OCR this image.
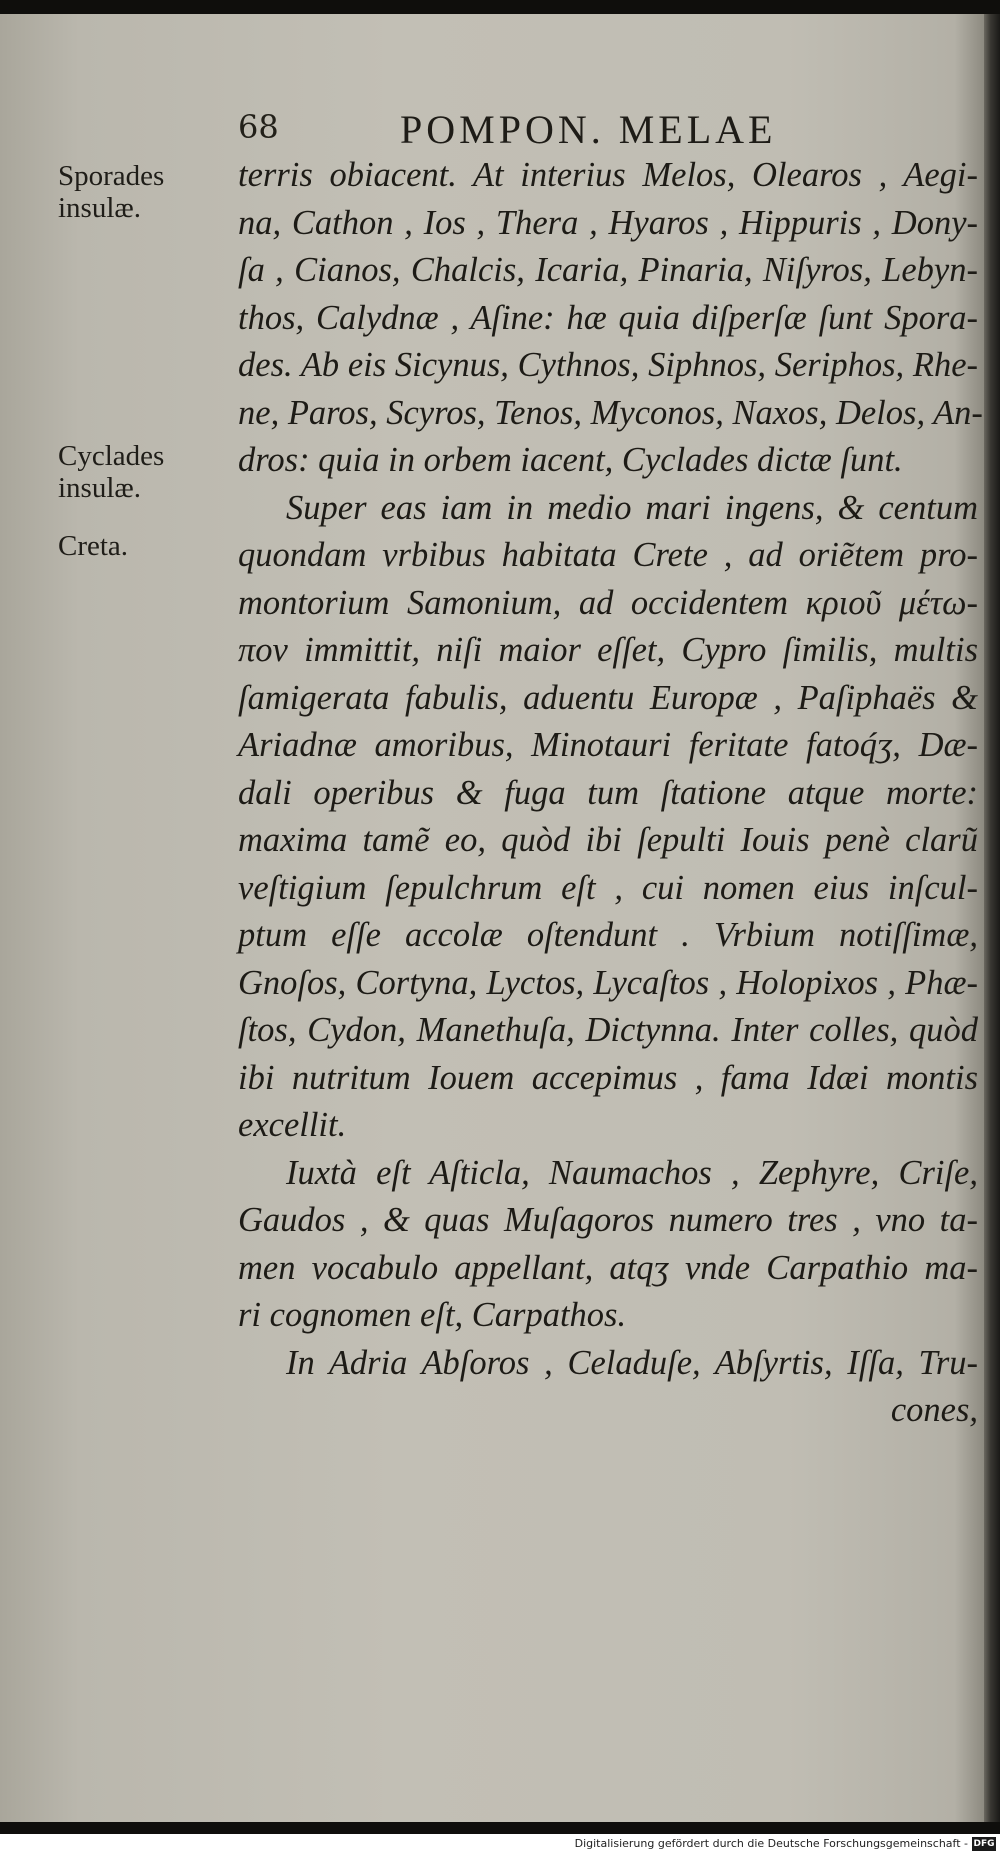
68	POMPON. MELAE
Sporades
insulæ.
Cyclades
insulæ.
Creta.
terris obiacent. At interius Melos, Olearos , Aegi-
na, Cathon , Ios , Thera , Hyaros , Hippuris , Dony-
ſa , Cianos, Chalcis, Icaria, Pinaria, Niſyros, Lebyn-
thos, Calydnæ , Aſine: hæ quia diſperſæ ſunt Spora-
des. Ab eis Sicynus, Cythnos, Siphnos, Seriphos, Rhe-
ne, Paros, Scyros, Tenos, Myconos, Naxos, Delos, An-
dros: quia in orbem iacent, Cyclades dictæ ſunt.
Super eas iam in medio mari ingens, & centum
quondam vrbibus habitata Crete , ad oriẽtem pro-
montorium Samonium, ad occidentem κριοῦ μέτω-
πον immittit, niſi maior eſſet, Cypro ſimilis, multis
ſamigerata fabulis, aduentu Europæ , Paſiphaës &
Ariadnæ amoribus, Minotauri feritate fatoq́ʒ, Dæ-
dali operibus & fuga tum ſtatione atque morte:
maxima tamẽ eo, quòd ibi ſepulti Iouis penè clarũ
veſtigium ſepulchrum eſt , cui nomen eius inſcul-
ptum eſſe accolæ oſtendunt . Vrbium notiſſimæ,
Gnoſos, Cortyna, Lyctos, Lycaſtos , Holopixos , Phæ-
ſtos, Cydon, Manethuſa, Dictynna. Inter colles, quòd
ibi nutritum Iouem accepimus , fama Idæi montis
excellit.
Iuxtà eſt Aſticla, Naumachos , Zephyre, Criſe,
Gaudos , & quas Muſagoros numero tres , vno ta-
men vocabulo appellant, atqʒ vnde Carpathio ma-
ri cognomen eſt, Carpathos.
In Adria Abſoros , Celaduſe, Abſyrtis, Iſſa, Tru-
cones,
Digitalisierung gefördert durch die Deutsche Forschungsgemeinschaft - DFG
